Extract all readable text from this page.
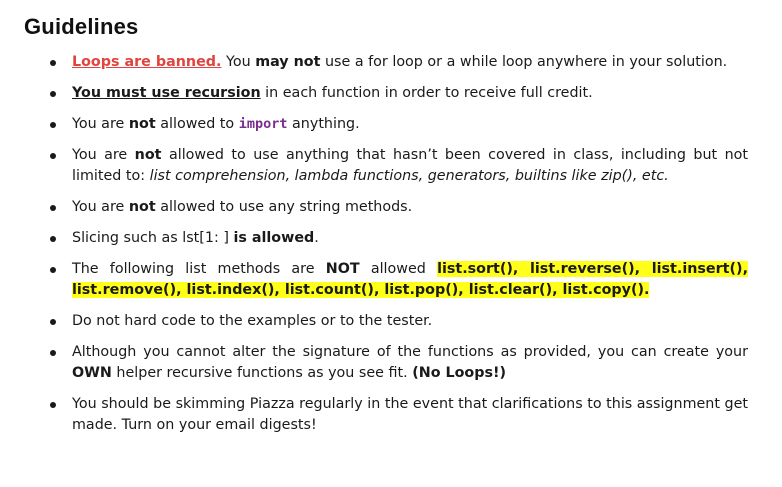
Guidelines
Loops are banned. You may not use a for loop or a while loop anywhere in your solution.
You must use recursion in each function in order to receive full credit.
You are not allowed to import anything.
You are not allowed to use anything that hasn’t been covered in class, including but not limited to: list comprehension, lambda functions, generators, builtins like zip(), etc.
You are not allowed to use any string methods.
Slicing such as lst[1: ] is allowed.
The following list methods are NOT allowed list.sort(), list.reverse(), list.insert(), list.remove(), list.index(), list.count(), list.pop(), list.clear(), list.copy().
Do not hard code to the examples or to the tester.
Although you cannot alter the signature of the functions as provided, you can create your OWN helper recursive functions as you see fit. (No Loops!)
You should be skimming Piazza regularly in the event that clarifications to this assignment get made. Turn on your email digests!
